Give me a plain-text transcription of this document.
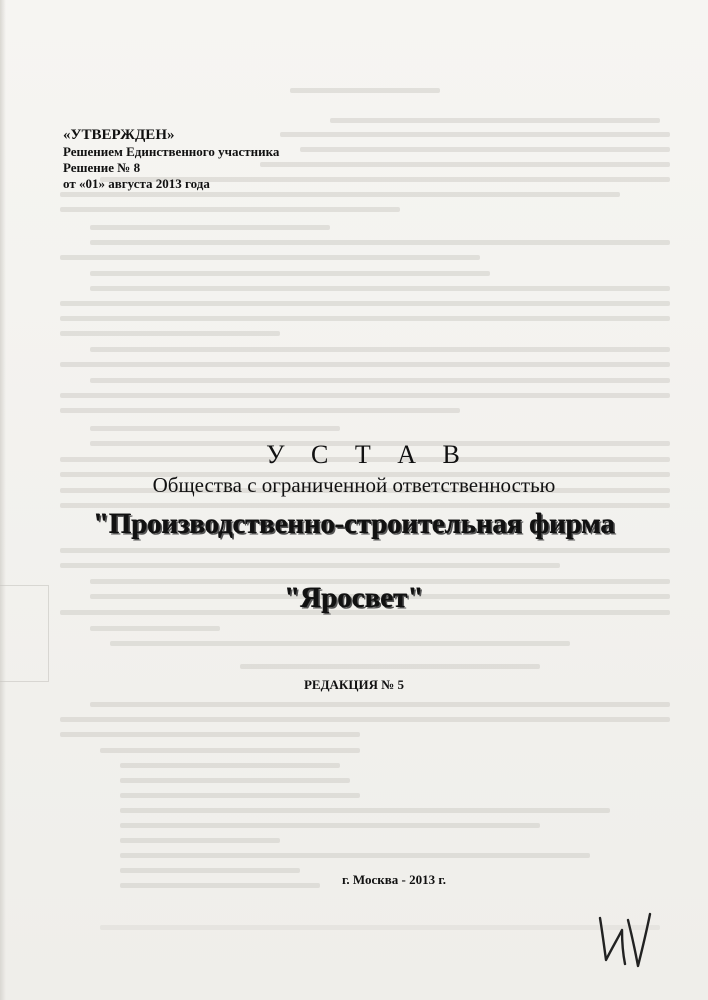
«УТВЕРЖДЕН»
Решением Единственного участника
Решение № 8
от «01» августа 2013 года
У С Т А В
Общества с ограниченной ответственностью
"Производственно-строительная фирма
"Яросвет"
РЕДАКЦИЯ № 5
г. Москва - 2013 г.
